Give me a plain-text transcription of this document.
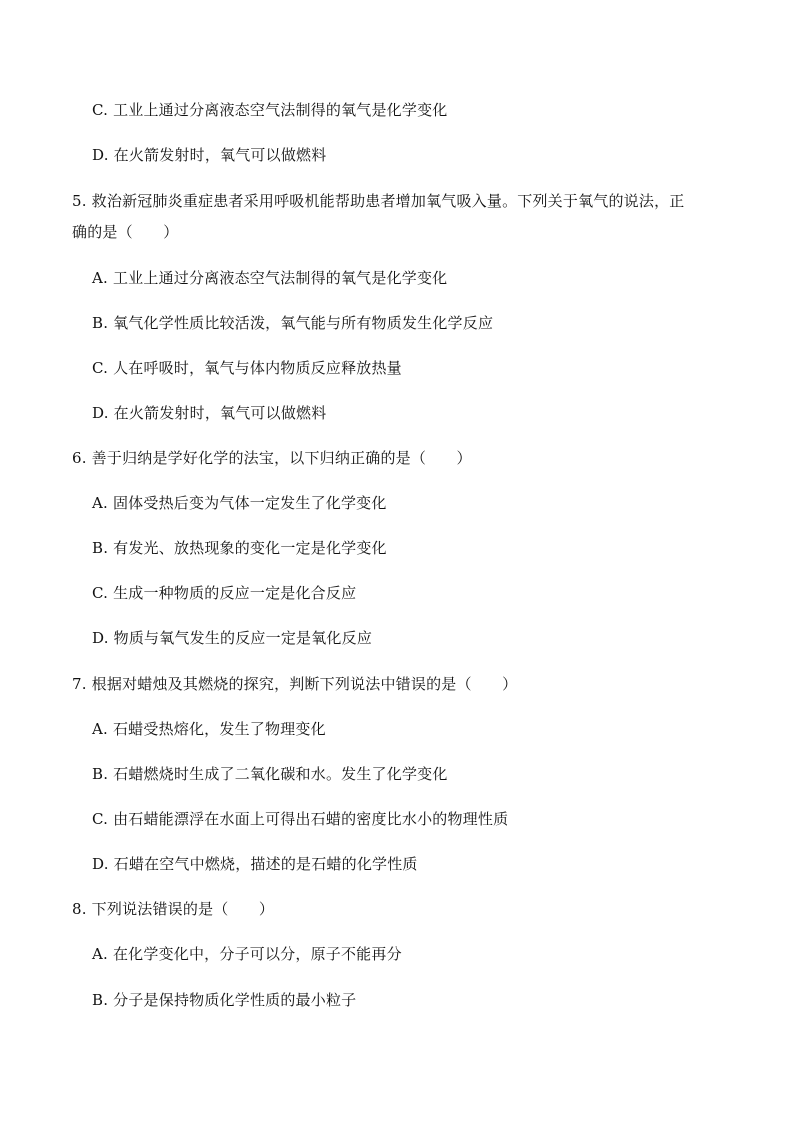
C. 工业上通过分离液态空气法制得的氧气是化学变化
D. 在火箭发射时，氧气可以做燃料
5. 救治新冠肺炎重症患者采用呼吸机能帮助患者增加氧气吸入量。下列关于氧气的说法，正
确的是（　　）
A. 工业上通过分离液态空气法制得的氧气是化学变化
B. 氧气化学性质比较活泼，氧气能与所有物质发生化学反应
C. 人在呼吸时，氧气与体内物质反应释放热量
D. 在火箭发射时，氧气可以做燃料
6. 善于归纳是学好化学的法宝，以下归纳正确的是（　　）
A. 固体受热后变为气体一定发生了化学变化
B. 有发光、放热现象的变化一定是化学变化
C. 生成一种物质的反应一定是化合反应
D. 物质与氧气发生的反应一定是氧化反应
7. 根据对蜡烛及其燃烧的探究，判断下列说法中错误的是（　　）
A. 石蜡受热熔化，发生了物理变化
B. 石蜡燃烧时生成了二氧化碳和水。发生了化学变化
C. 由石蜡能漂浮在水面上可得出石蜡的密度比水小的物理性质
D. 石蜡在空气中燃烧，描述的是石蜡的化学性质
8. 下列说法错误的是（　　）
A. 在化学变化中，分子可以分，原子不能再分
B. 分子是保持物质化学性质的最小粒子
